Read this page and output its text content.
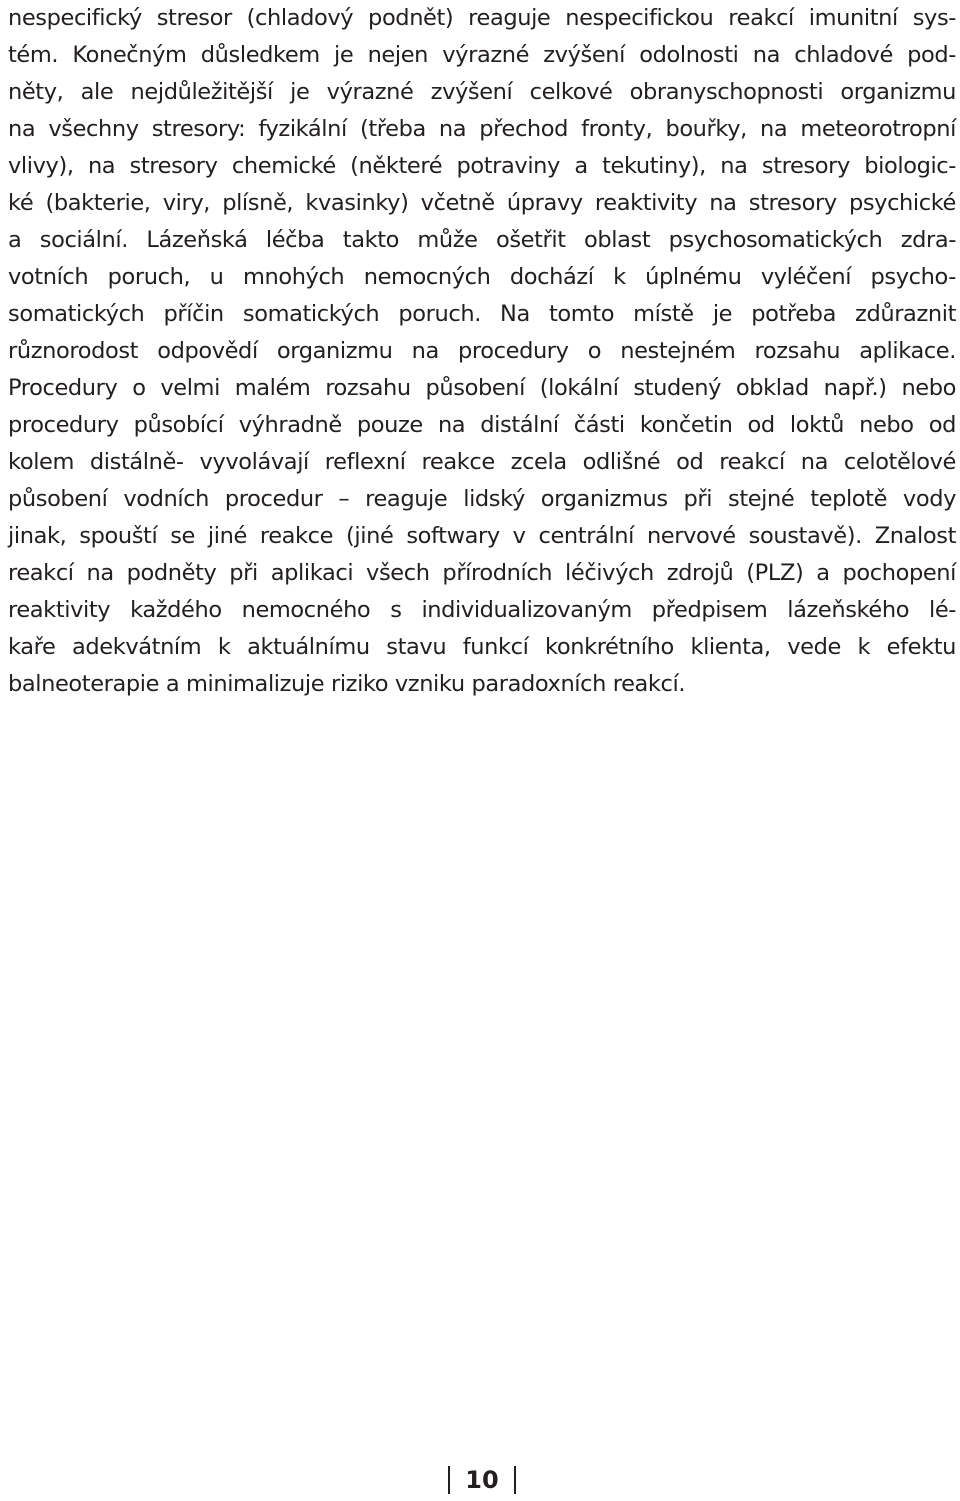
nespecifický stresor (chladový podnět) reaguje nespecifickou reakcí imunitní sys-
tém. Konečným důsledkem je nejen výrazné zvýšení odolnosti na chladové pod-
něty, ale nejdůležitější je výrazné zvýšení celkové obranyschopnosti organizmu
na všechny stresory: fyzikální (třeba na přechod fronty, bouřky, na meteorotropní
vlivy), na stresory chemické (některé potraviny a tekutiny), na stresory biologic-
ké (bakterie, viry, plísně, kvasinky) včetně úpravy reaktivity na stresory psychické
a sociální. Lázeňská léčba takto může ošetřit oblast psychosomatických zdra-
votních poruch, u mnohých nemocných dochází k úplnému vyléčení psycho-
somatických příčin somatických poruch. Na tomto místě je potřeba zdůraznit
různorodost odpovědí organizmu na procedury o nestejném rozsahu aplikace.
Procedury o velmi malém rozsahu působení (lokální studený obklad např.) nebo
procedury působící výhradně pouze na distální části končetin od loktů nebo od
kolem distálně- vyvolávají reflexní reakce zcela odlišné od reakcí na celotělové
působení vodních procedur – reaguje lidský organizmus při stejné teplotě vody
jinak, spouští se jiné reakce (jiné softwary v centrální nervové soustavě). Znalost
reakcí na podněty při aplikaci všech přírodních léčivých zdrojů (PLZ) a pochopení
reaktivity každého nemocného s individualizovaným předpisem lázeňského lé-
kaře adekvátním k aktuálnímu stavu funkcí konkrétního klienta, vede k efektu
balneoterapie a minimalizuje riziko vzniku paradoxních reakcí.
10
